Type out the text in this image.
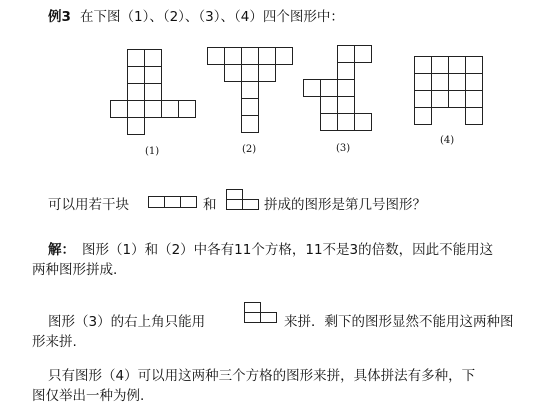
例3 在下图（1）、（2）、（3）、（4）四个图形中：
(1)	(2)	(3)
(4)
可以用若干块	和	拼成的图形是第几号图形？
解： 图形（1）和（2）中各有11个方格，11不是3的倍数，因此不能用这
两种图形拼成.
图形（3）的右上角只能用	来拼．剩下的图形显然不能用这两种图
形来拼.
只有图形（4）可以用这两种三个方格的图形来拼，具体拼法有多种，下
图仅举出一种为例.
